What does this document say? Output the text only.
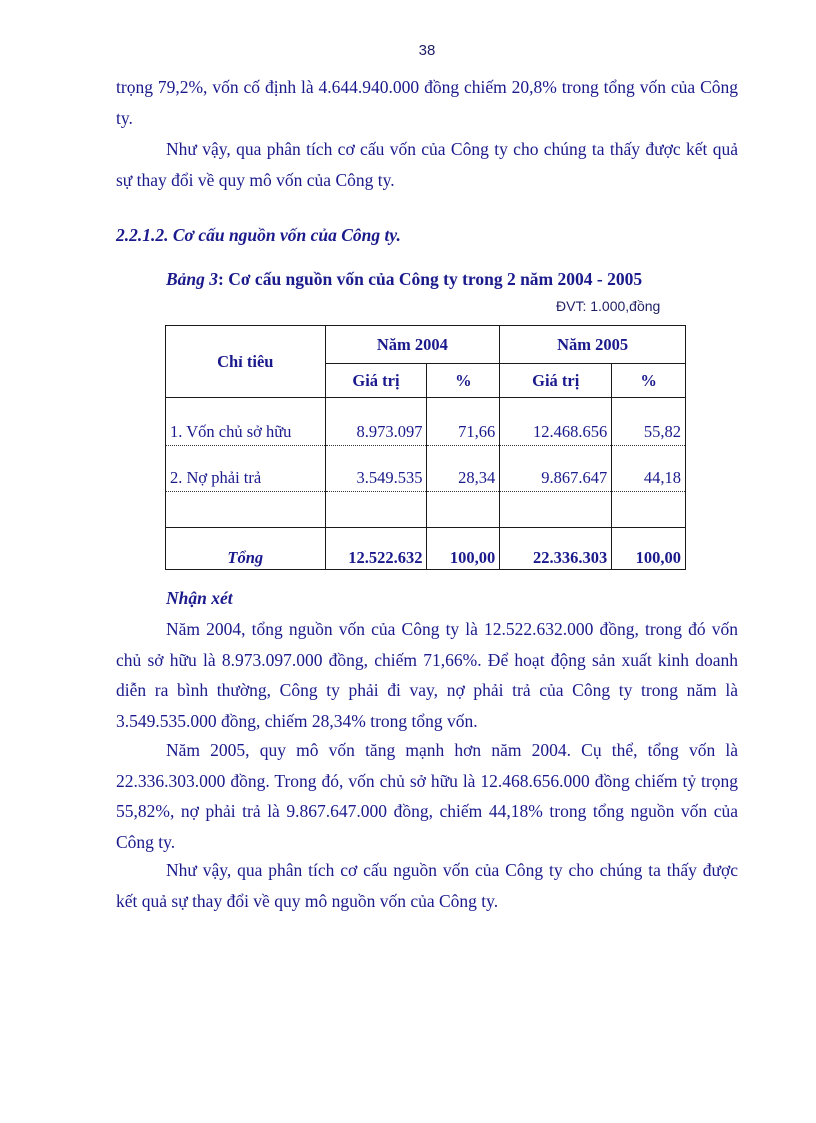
38

trọng 79,2%, vốn cố định là 4.644.940.000 đồng chiếm 20,8% trong tổng vốn của Công ty.

Như vậy, qua phân tích cơ cấu vốn của Công ty cho chúng ta thấy được kết quả sự thay đổi về quy mô vốn của Công ty.

2.2.1.2. Cơ cấu nguồn vốn của Công ty.

Bảng 3: Cơ cấu nguồn vốn của Công ty trong 2 năm 2004 - 2005

ĐVT: 1.000,đồng
Chỉ tiêu	Năm 2004		Năm 2005	
	Giá trị	%	Giá trị	%
1. Vốn chủ sở hữu	8.973.097	71,66	12.468.656	55,82
2. Nợ phải trả	3.549.535	28,34	9.867.647	44,18

Tổng	12.522.632	100,00	22.336.303	100,00

Nhận xét

Năm 2004, tổng nguồn vốn của Công ty là 12.522.632.000 đồng, trong đó vốn chủ sở hữu là 8.973.097.000 đồng, chiếm 71,66%. Để hoạt động sản xuất kinh doanh diễn ra bình thường, Công ty phải đi vay, nợ phải trả của Công ty trong năm là 3.549.535.000 đồng, chiếm 28,34% trong tổng vốn.

Năm 2005, quy mô vốn tăng mạnh hơn năm 2004. Cụ thể, tổng vốn là 22.336.303.000 đồng. Trong đó, vốn chủ sở hữu là 12.468.656.000 đồng chiếm tỷ trọng 55,82%, nợ phải trả là 9.867.647.000 đồng, chiếm 44,18% trong tổng nguồn vốn của Công ty.

Như vậy, qua phân tích cơ cấu nguồn vốn của Công ty cho chúng ta thấy được kết quả sự thay đổi về quy mô nguồn vốn của Công ty.
